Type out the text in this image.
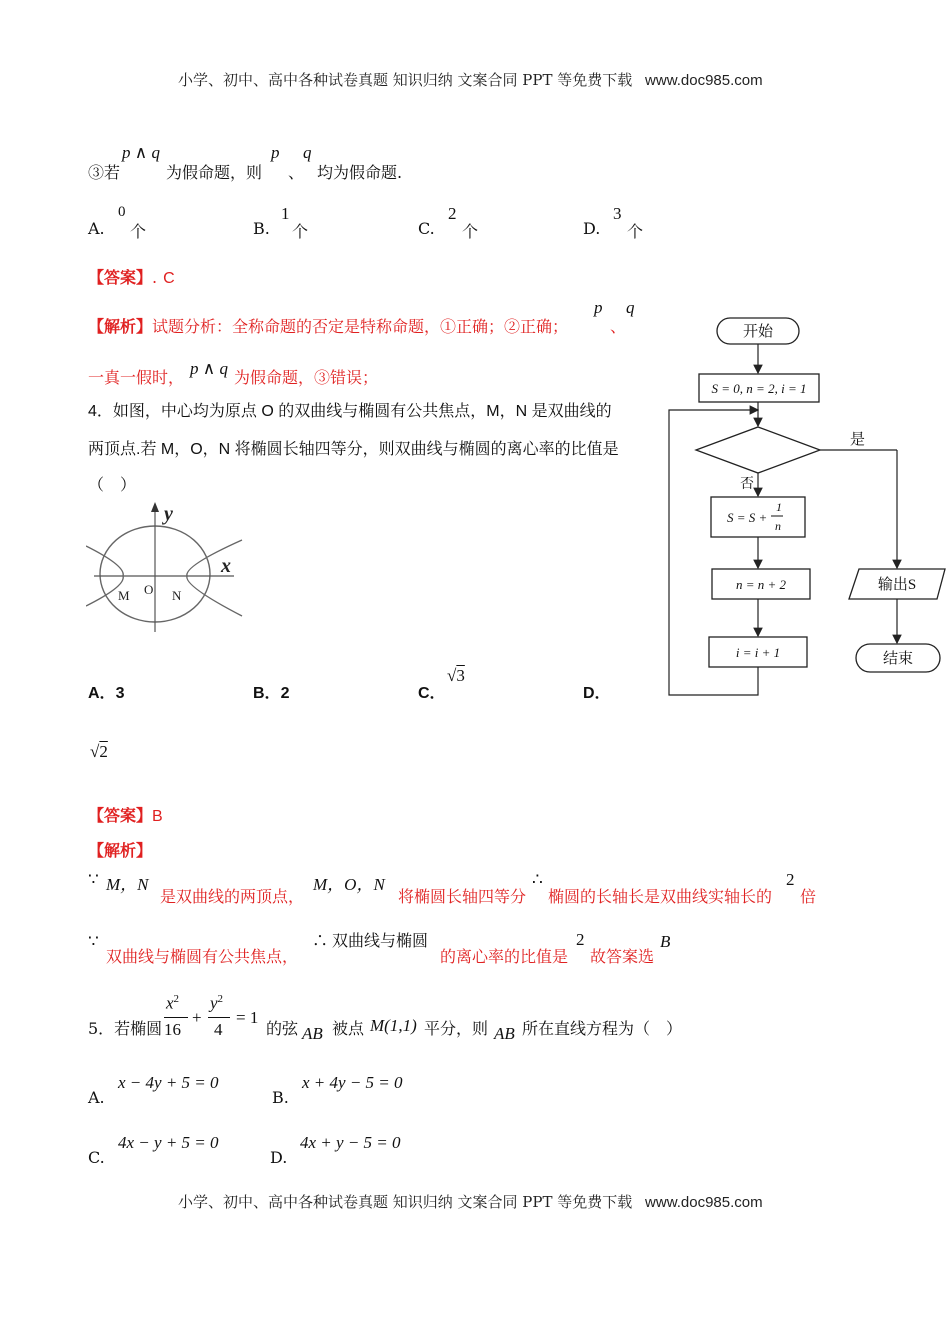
小学、初中、高中各种试卷真题 知识归纳 文案合同 PPT 等免费下载 www.doc985.com
③若
p ∧ q
为假命题，则
p
、
q
均为假命题.
A.
0
个	B.
1
个	C.
2
个	D.
3
个
【答案】. C
【解析】试题分析：全称命题的否定是特称命题，①正确；②正确；
p q
、
一真一假时， p ∧ q 为假命题，③错误；
4．如图，中心均为原点 O 的双曲线与椭圆有公共焦点，M，N 是双曲线的
两顶点.若 M，O，N 将椭圆长轴四等分，则双曲线与椭圆的离心率的比值是
（　）
y
x
O
M	N
A．3	B．2	C．
√3
D．
√2
开始
S = 0, n = 2, i = 1
是
否
S = S +
1
n
n = n + 2
i = i + 1
输出S
结束
【答案】B
【解析】
∵ M，N
是双曲线的两顶点，
M，O，N
将椭圆长轴四等分
∴
椭圆的长轴长是双曲线实轴长的
2
倍
∵
双曲线与椭圆有公共焦点，
∴ 双曲线与椭圆
的离心率的比值是
2
故答案选
B
5．若椭圆
$x^2$
16
+
$y^2$
4
= 1
的弦 AB 被点 M(1,1) 平分，则 AB 所在直线方程为（　）
A.
x − 4y + 5 = 0
B.
x + 4y − 5 = 0
C.
4x − y + 5 = 0
D.
4x + y − 5 = 0
小学、初中、高中各种试卷真题 知识归纳 文案合同 PPT 等免费下载 www.doc985.com
